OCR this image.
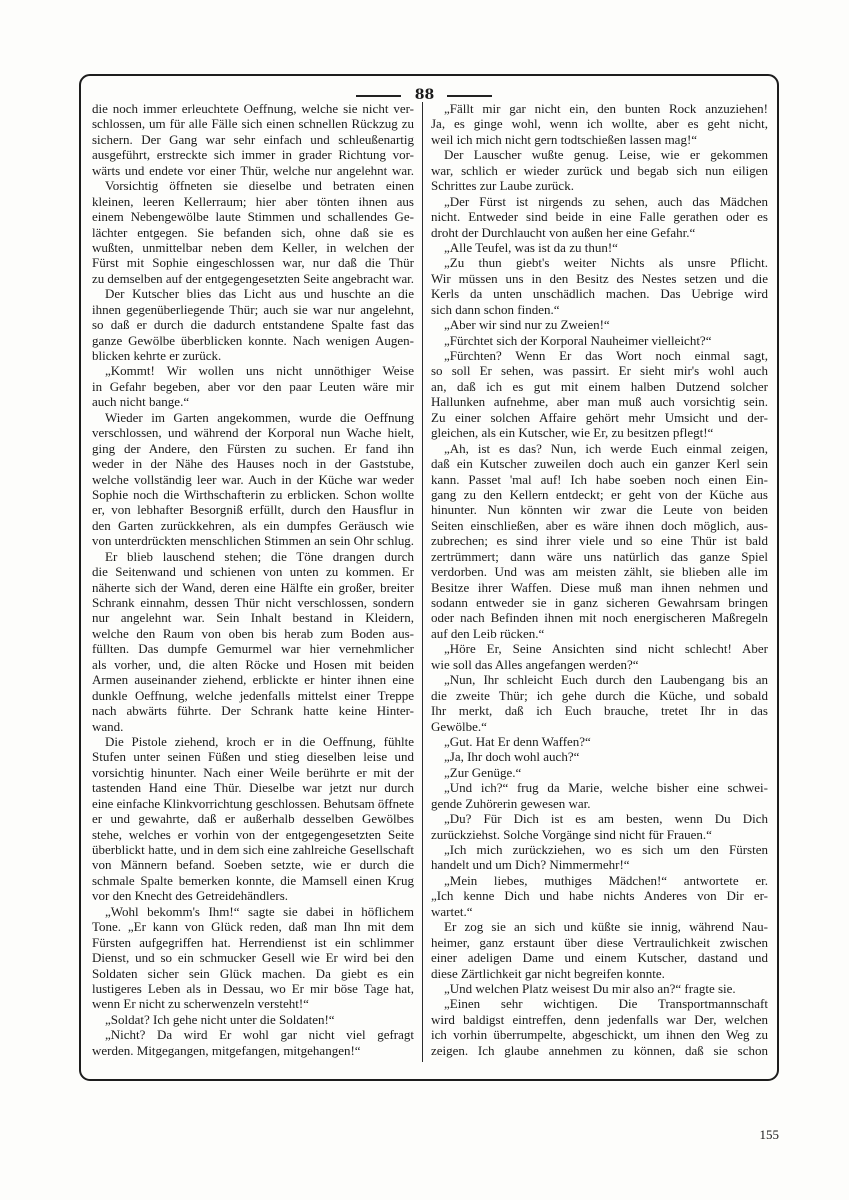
88
die noch immer erleuchtete Oeffnung, welche sie nicht ver-
schlossen, um für alle Fälle sich einen schnellen Rückzug zu
sichern. Der Gang war sehr einfach und schleußenartig
ausgeführt, erstreckte sich immer in grader Richtung vor-
wärts und endete vor einer Thür, welche nur angelehnt war.
Vorsichtig öffneten sie dieselbe und betraten einen
kleinen, leeren Kellerraum; hier aber tönten ihnen aus
einem Nebengewölbe laute Stimmen und schallendes Ge-
lächter entgegen. Sie befanden sich, ohne daß sie es
wußten, unmittelbar neben dem Keller, in welchen der
Fürst mit Sophie eingeschlossen war, nur daß die Thür
zu demselben auf der entgegengesetzten Seite angebracht war.
Der Kutscher blies das Licht aus und huschte an die
ihnen gegenüberliegende Thür; auch sie war nur angelehnt,
so daß er durch die dadurch entstandene Spalte fast das
ganze Gewölbe überblicken konnte. Nach wenigen Augen-
blicken kehrte er zurück.
„Kommt! Wir wollen uns nicht unnöthiger Weise
in Gefahr begeben, aber vor den paar Leuten wäre mir
auch nicht bange.“
Wieder im Garten angekommen, wurde die Oeffnung
verschlossen, und während der Korporal nun Wache hielt,
ging der Andere, den Fürsten zu suchen. Er fand ihn
weder in der Nähe des Hauses noch in der Gaststube,
welche vollständig leer war. Auch in der Küche war weder
Sophie noch die Wirthschafterin zu erblicken. Schon wollte
er, von lebhafter Besorgniß erfüllt, durch den Hausflur in
den Garten zurückkehren, als ein dumpfes Geräusch wie
von unterdrückten menschlichen Stimmen an sein Ohr schlug.
Er blieb lauschend stehen; die Töne drangen durch
die Seitenwand und schienen von unten zu kommen. Er
näherte sich der Wand, deren eine Hälfte ein großer, breiter
Schrank einnahm, dessen Thür nicht verschlossen, sondern
nur angelehnt war. Sein Inhalt bestand in Kleidern,
welche den Raum von oben bis herab zum Boden aus-
füllten. Das dumpfe Gemurmel war hier vernehmlicher
als vorher, und, die alten Röcke und Hosen mit beiden
Armen auseinander ziehend, erblickte er hinter ihnen eine
dunkle Oeffnung, welche jedenfalls mittelst einer Treppe
nach abwärts führte. Der Schrank hatte keine Hinter-
wand.
Die Pistole ziehend, kroch er in die Oeffnung, fühlte
Stufen unter seinen Füßen und stieg dieselben leise und
vorsichtig hinunter. Nach einer Weile berührte er mit der
tastenden Hand eine Thür. Dieselbe war jetzt nur durch
eine einfache Klinkvorrichtung geschlossen. Behutsam öffnete
er und gewahrte, daß er außerhalb desselben Gewölbes
stehe, welches er vorhin von der entgegengesetzten Seite
überblickt hatte, und in dem sich eine zahlreiche Gesellschaft
von Männern befand. Soeben setzte, wie er durch die
schmale Spalte bemerken konnte, die Mamsell einen Krug
vor den Knecht des Getreidehändlers.
„Wohl bekomm's Ihm!“ sagte sie dabei in höflichem
Tone. „Er kann von Glück reden, daß man Ihn mit dem
Fürsten aufgegriffen hat. Herrendienst ist ein schlimmer
Dienst, und so ein schmucker Gesell wie Er wird bei den
Soldaten sicher sein Glück machen. Da giebt es ein
lustigeres Leben als in Dessau, wo Er mir böse Tage hat,
wenn Er nicht zu scherwenzeln versteht!“
„Soldat? Ich gehe nicht unter die Soldaten!“
„Nicht? Da wird Er wohl gar nicht viel gefragt
werden. Mitgegangen, mitgefangen, mitgehangen!“
„Fällt mir gar nicht ein, den bunten Rock anzuziehen!
Ja, es ginge wohl, wenn ich wollte, aber es geht nicht,
weil ich mich nicht gern todtschießen lassen mag!“
Der Lauscher wußte genug. Leise, wie er gekommen
war, schlich er wieder zurück und begab sich nun eiligen
Schrittes zur Laube zurück.
„Der Fürst ist nirgends zu sehen, auch das Mädchen
nicht. Entweder sind beide in eine Falle gerathen oder es
droht der Durchlaucht von außen her eine Gefahr.“
„Alle Teufel, was ist da zu thun!“
„Zu thun giebt's weiter Nichts als unsre Pflicht.
Wir müssen uns in den Besitz des Nestes setzen und die
Kerls da unten unschädlich machen. Das Uebrige wird
sich dann schon finden.“
„Aber wir sind nur zu Zweien!“
„Fürchtet sich der Korporal Nauheimer vielleicht?“
„Fürchten? Wenn Er das Wort noch einmal sagt,
so soll Er sehen, was passirt. Er sieht mir's wohl auch
an, daß ich es gut mit einem halben Dutzend solcher
Hallunken aufnehme, aber man muß auch vorsichtig sein.
Zu einer solchen Affaire gehört mehr Umsicht und der-
gleichen, als ein Kutscher, wie Er, zu besitzen pflegt!“
„Ah, ist es das? Nun, ich werde Euch einmal zeigen,
daß ein Kutscher zuweilen doch auch ein ganzer Kerl sein
kann. Passet 'mal auf! Ich habe soeben noch einen Ein-
gang zu den Kellern entdeckt; er geht von der Küche aus
hinunter. Nun könnten wir zwar die Leute von beiden
Seiten einschließen, aber es wäre ihnen doch möglich, aus-
zubrechen; es sind ihrer viele und so eine Thür ist bald
zertrümmert; dann wäre uns natürlich das ganze Spiel
verdorben. Und was am meisten zählt, sie blieben alle im
Besitze ihrer Waffen. Diese muß man ihnen nehmen und
sodann entweder sie in ganz sicheren Gewahrsam bringen
oder nach Befinden ihnen mit noch energischeren Maßregeln
auf den Leib rücken.“
„Höre Er, Seine Ansichten sind nicht schlecht! Aber
wie soll das Alles angefangen werden?“
„Nun, Ihr schleicht Euch durch den Laubengang bis an
die zweite Thür; ich gehe durch die Küche, und sobald
Ihr merkt, daß ich Euch brauche, tretet Ihr in das
Gewölbe.“
„Gut. Hat Er denn Waffen?“
„Ja, Ihr doch wohl auch?“
„Zur Genüge.“
„Und ich?“ frug da Marie, welche bisher eine schwei-
gende Zuhörerin gewesen war.
„Du? Für Dich ist es am besten, wenn Du Dich
zurückziehst. Solche Vorgänge sind nicht für Frauen.“
„Ich mich zurückziehen, wo es sich um den Fürsten
handelt und um Dich? Nimmermehr!“
„Mein liebes, muthiges Mädchen!“ antwortete er.
„Ich kenne Dich und habe nichts Anderes von Dir er-
wartet.“
Er zog sie an sich und küßte sie innig, während Nau-
heimer, ganz erstaunt über diese Vertraulichkeit zwischen
einer adeligen Dame und einem Kutscher, dastand und
diese Zärtlichkeit gar nicht begreifen konnte.
„Und welchen Platz weisest Du mir also an?“ fragte sie.
„Einen sehr wichtigen. Die Transportmannschaft
wird baldigst eintreffen, denn jedenfalls war Der, welchen
ich vorhin überrumpelte, abgeschickt, um ihnen den Weg zu
zeigen. Ich glaube annehmen zu können, daß sie schon
155
